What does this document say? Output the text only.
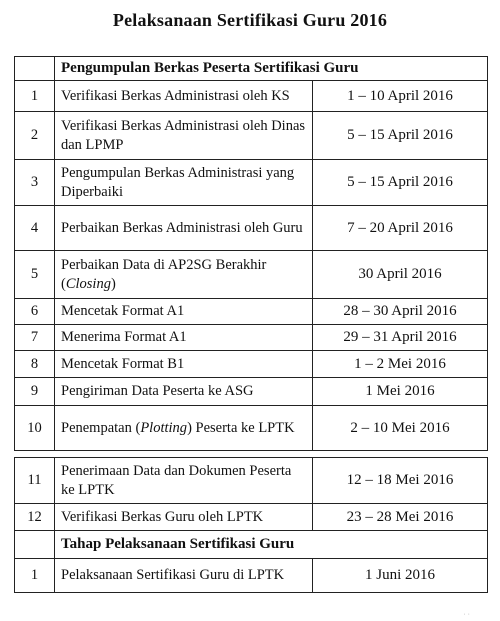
Pelaksanaan Sertifikasi Guru 2016
	Pengumpulan Berkas Peserta Sertifikasi Guru	
1	Verifikasi Berkas Administrasi oleh KS	1 – 10 April 2016
2	Verifikasi Berkas Administrasi oleh Dinas dan LPMP	5 – 15 April 2016
3	Pengumpulan Berkas Administrasi yang Diperbaiki	5 – 15 April 2016
4	Perbaikan Berkas Administrasi oleh Guru	7 – 20 April 2016
5	Perbaikan Data di AP2SG Berakhir (Closing)	30 April 2016
6	Mencetak Format A1	28 – 30 April 2016
7	Menerima Format A1	29 – 31 April 2016
8	Mencetak Format B1	1 – 2 Mei 2016
9	Pengiriman Data Peserta ke ASG	1 Mei 2016
10	Penempatan (Plotting) Peserta ke LPTK	2 – 10 Mei 2016

11	Penerimaan Data dan Dokumen Peserta ke LPTK	12 – 18 Mei 2016
12	Verifikasi Berkas Guru oleh LPTK	23 – 28 Mei 2016
	Tahap Pelaksanaan Sertifikasi Guru	
1	Pelaksanaan Sertifikasi Guru di LPTK	1 Juni 2016
· ·
